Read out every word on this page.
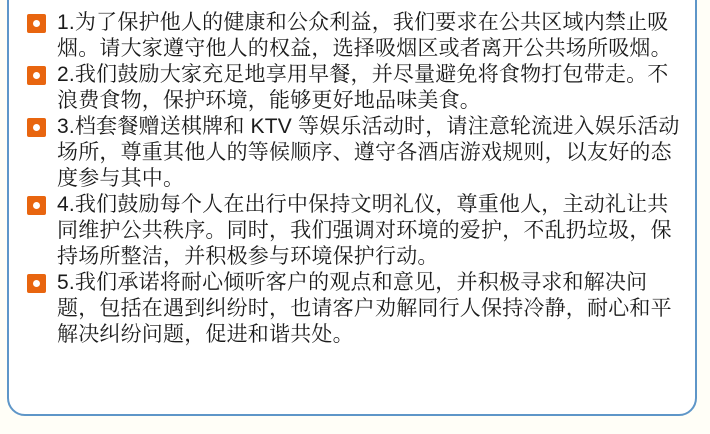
1.为了保护他人的健康和公众利益，我们要求在公共区域内禁止吸烟。请大家遵守他人的权益，选择吸烟区或者离开公共场所吸烟。
2.我们鼓励大家充足地享用早餐，并尽量避免将食物打包带走。不浪费食物，保护环境，能够更好地品味美食。
3.档套餐赠送棋牌和 KTV 等娱乐活动时，请注意轮流进入娱乐活动场所，尊重其他人的等候顺序、遵守各酒店游戏规则，以友好的态度参与其中。
4.我们鼓励每个人在出行中保持文明礼仪，尊重他人，主动礼让共同维护公共秩序。同时，我们强调对环境的爱护，不乱扔垃圾，保持场所整洁，并积极参与环境保护行动。
5.我们承诺将耐心倾听客户的观点和意见，并积极寻求和解决问题，包括在遇到纠纷时，也请客户劝解同行人保持冷静，耐心和平解决纠纷问题，促进和谐共处。
